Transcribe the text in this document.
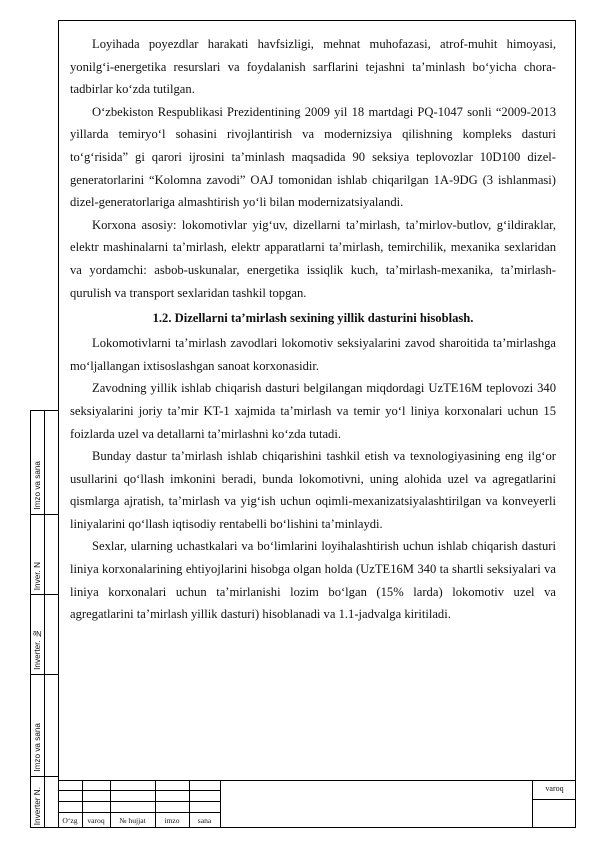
Loyihada poyezdlar harakati havfsizligi, mehnat muhofazasi, atrof-muhit himoyasi, yonilg‘i-energetika resurslari va foydalanish sarflarini tejashni ta’minlash bo‘yicha chora-tadbirlar ko‘zda tutilgan.

O‘zbekiston Respublikasi Prezidentining 2009 yil 18 martdagi PQ-1047 sonli “2009-2013 yillarda temiryo‘l sohasini rivojlantirish va modernizsiya qilishning kompleks dasturi to‘g‘risida” gi qarori ijrosini ta’minlash maqsadida 90 seksiya teplovozlar 10D100 dizel-generatorlarini “Kolomna zavodi” OAJ tomonidan ishlab chiqarilgan 1A-9DG (3 ishlanmasi) dizel-generatorlariga almashtirish yo‘li bilan modernizatsiyalandi.

Korxona asosiy: lokomotivlar yig‘uv, dizellarni ta’mirlash, ta’mirlov-butlov, g‘ildiraklar, elektr mashinalarni ta’mirlash, elektr apparatlarni ta’mirlash, temirchilik, mexanika sexlaridan va yordamchi: asbob-uskunalar, energetika issiqlik kuch, ta’mirlash-mexanika, ta’mirlash-qurulish va transport sexlaridan tashkil topgan.

1.2. Dizellarni ta’mirlash sexining yillik dasturini hisoblash.

Lokomotivlarni ta’mirlash zavodlari lokomotiv seksiyalarini zavod sharoitida ta’mirlashga mo‘ljallangan ixtisoslashgan sanoat korxonasidir.

Zavodning yillik ishlab chiqarish dasturi belgilangan miqdordagi UzTE16M teplovozi 340 seksiyalarini joriy ta’mir KT-1 xajmida ta’mirlash va temir yo‘l liniya korxonalari uchun 15 foizlarda uzel va detallarni ta’mirlashni ko‘zda tutadi.

Bunday dastur ta’mirlash ishlab chiqarishini tashkil etish va texnologiyasining eng ilg‘or usullarini qo‘llash imkonini beradi, bunda lokomotivni, uning alohida uzel va agregatlarini qismlarga ajratish, ta’mirlash va yig‘ish uchun oqimli-mexanizatsiyalashtirilgan va konveyerli liniyalarini qo‘llash iqtisodiy rentabelli bo‘lishini ta’minlaydi.

Sexlar, ularning uchastkalari va bo‘limlarini loyihalashtirish uchun ishlab chiqarish dasturi liniya korxonalarining ehtiyojlarini hisobga olgan holda (UzTE16M 340 ta shartli seksiyalari va liniya korxonalari uchun ta’mirlanishi lozim bo‘lgan (15% larda) lokomotiv uzel va agregatlarini ta’mirlash yillik dasturi) hisoblanadi va 1.1-jadvalga kiritiladi.

Imzo va sana
Inver. N
Inverter. №
Imzo va sana
Inverter N.	O‘zg	varoq	№ hujjat	imzo	sana
varoq
